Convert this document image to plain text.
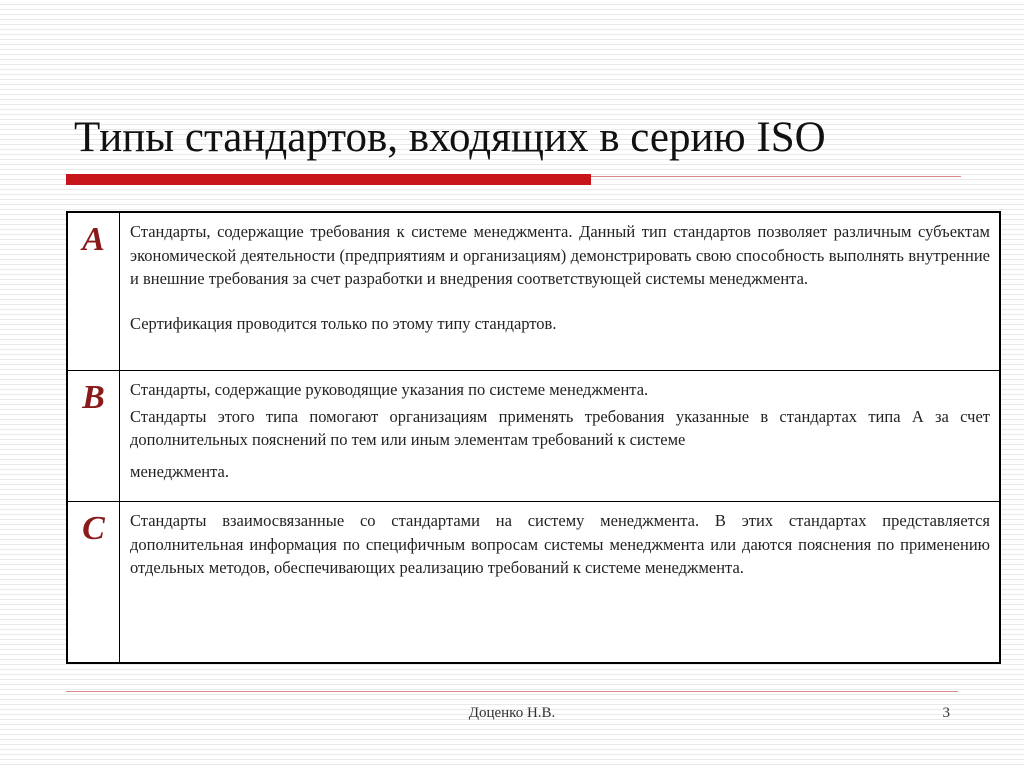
Типы стандартов, входящих в серию ISO
A	Стандарты, содержащие требования к системе менеджмента. Данный тип стандартов позволяет различным субъектам экономической деятельности (предприятиям и организациям) демонстрировать свою способность выполнять внутренние и внешние требования за счет разработки и внедрения соответствующей системы менеджмента.

Сертификация проводится только по этому типу стандартов.

B	Стандарты, содержащие руководящие указания по системе менеджмента.

Стандарты этого типа помогают организациям применять требования указанные в стандартах типа А за счет дополнительных пояснений по тем или иным элементам требований к системе

менеджмента.

C	Стандарты взаимосвязанные со стандартами на систему менеджмента. В этих стандартах представляется дополнительная информация по специфичным вопросам системы менеджмента или даются пояснения по применению отдельных методов, обеспечивающих реализацию требований к системе менеджмента.

Доценко Н.В.	3
